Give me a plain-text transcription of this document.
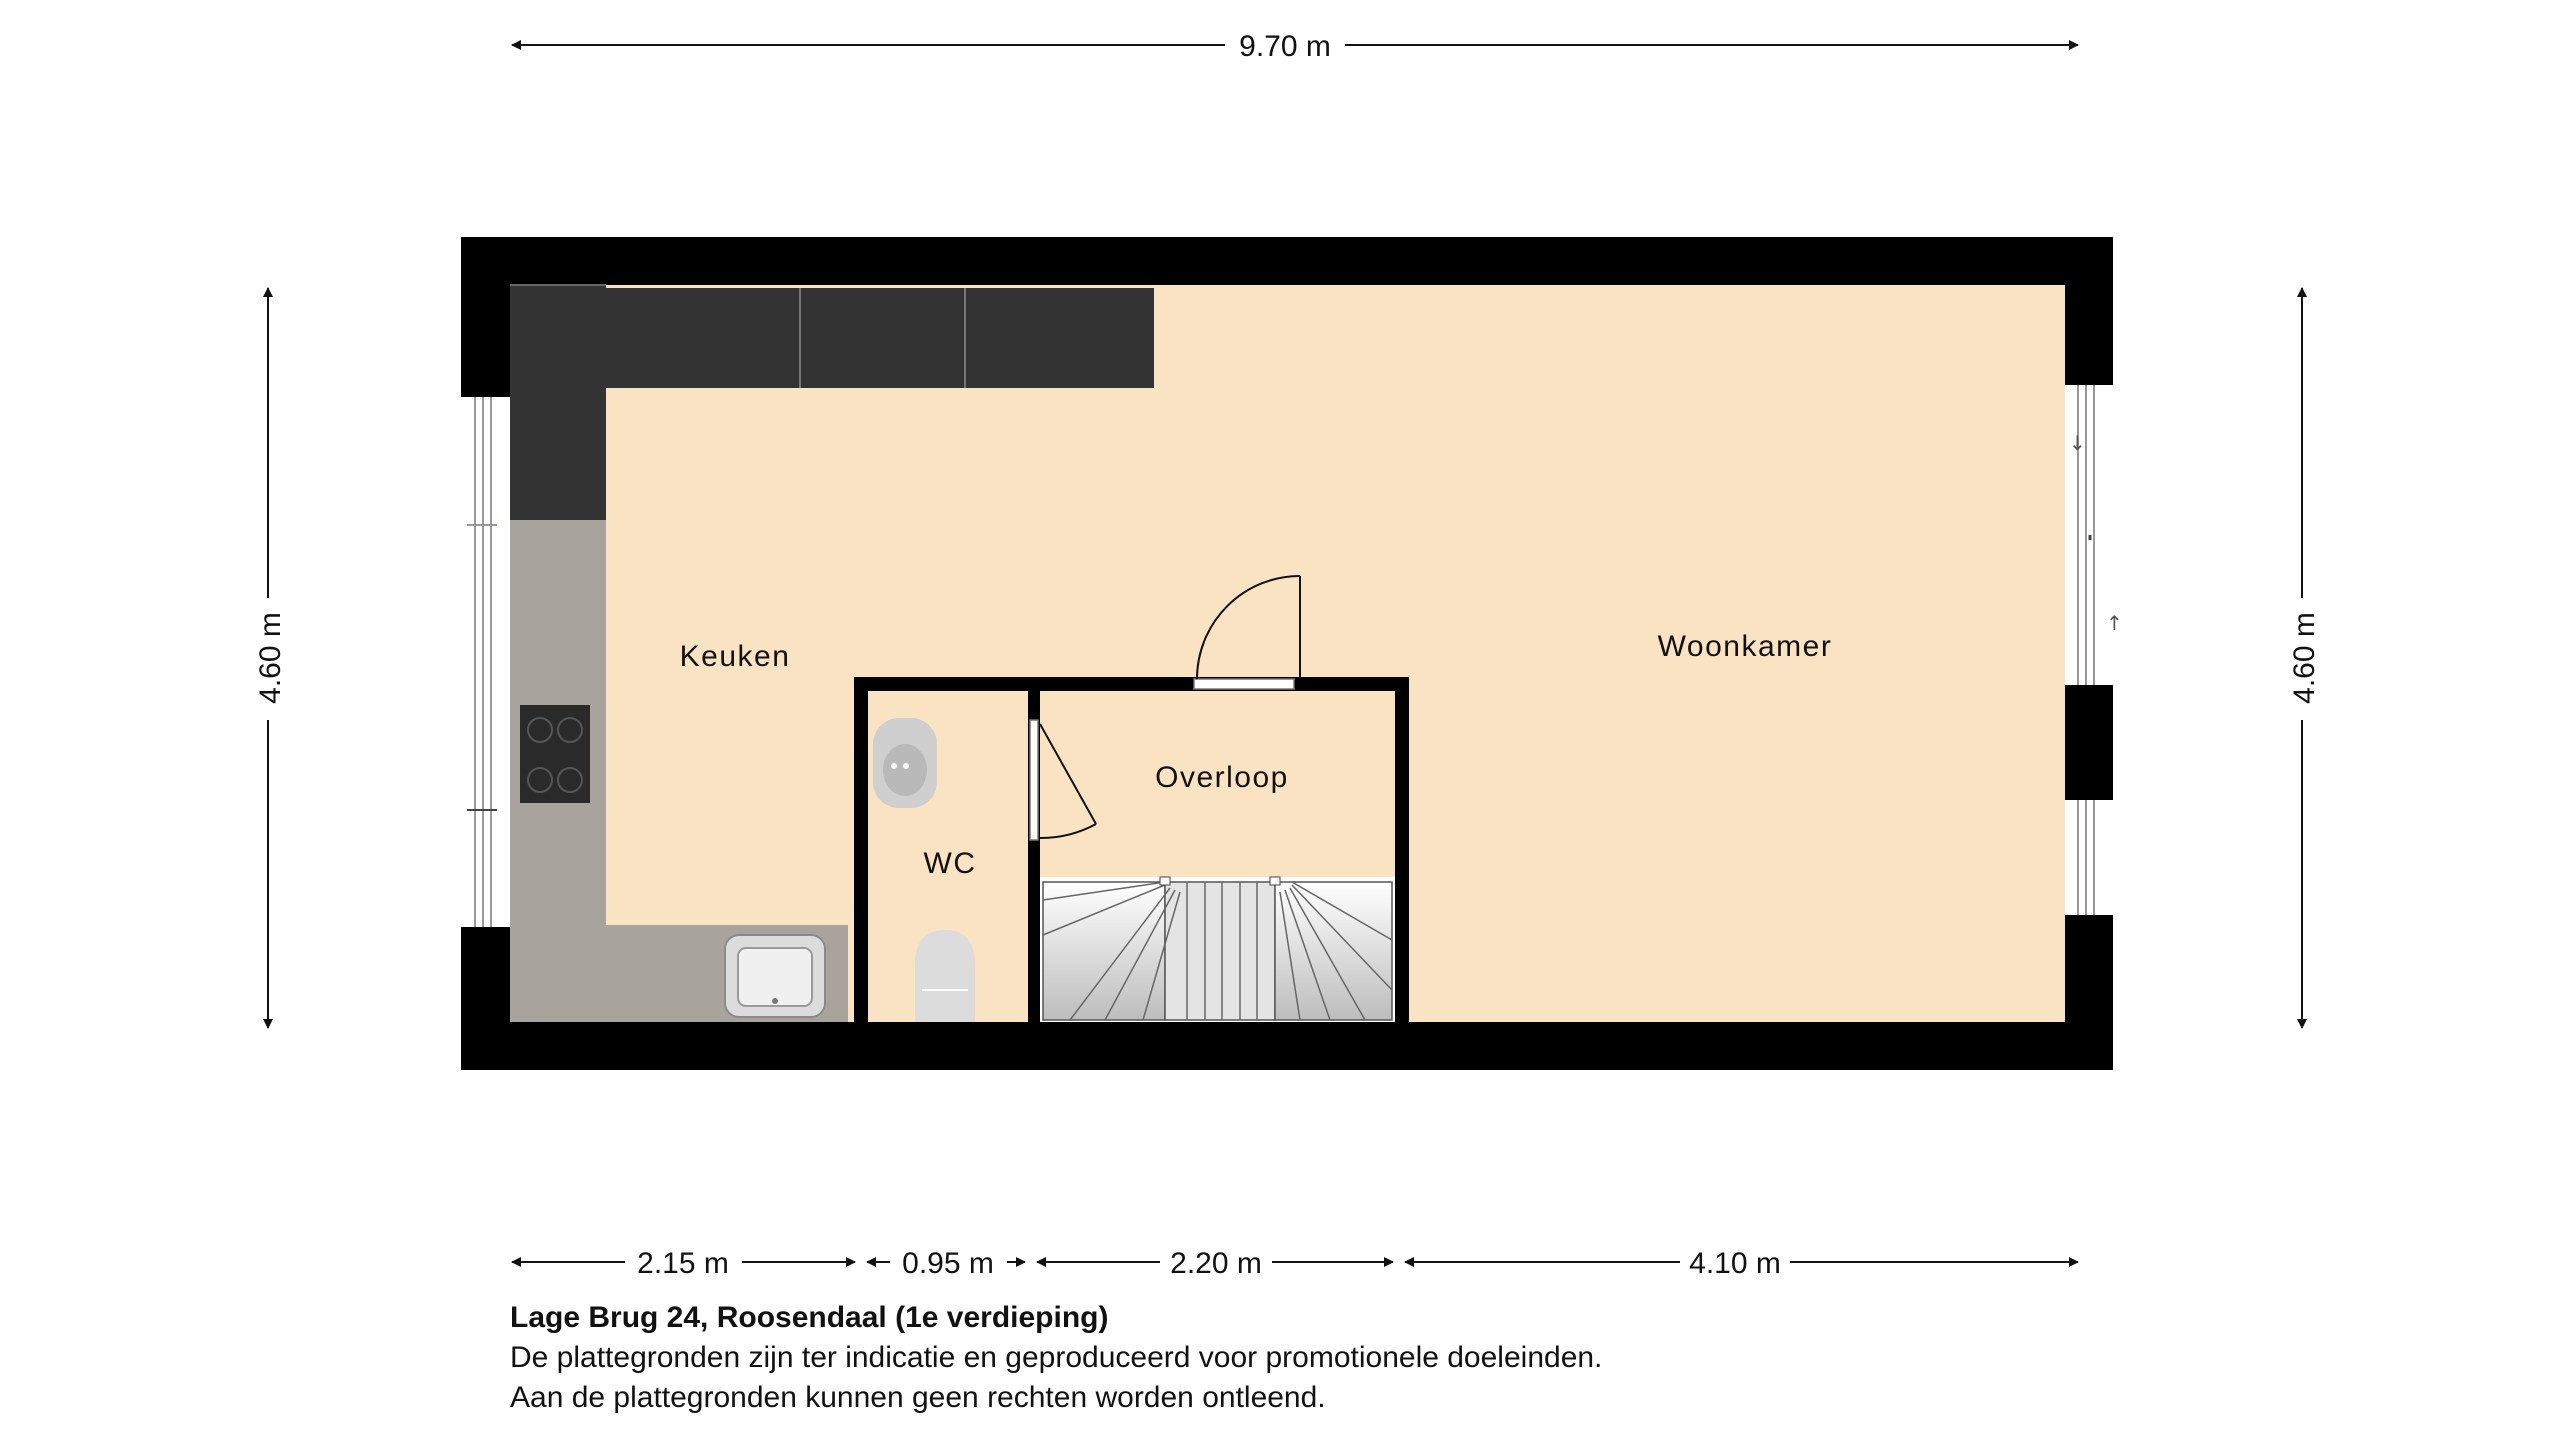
9.70 m
4.60 m	4.60 m
2.15 m	0.95 m	2.20 m	4.10 m
↓
↑
Keuken	Woonkamer
Overloop
WC
Lage Brug 24, Roosendaal (1e verdieping)
De plattegronden zijn ter indicatie en geproduceerd voor promotionele doeleinden.
Aan de plattegronden kunnen geen rechten worden ontleend.
